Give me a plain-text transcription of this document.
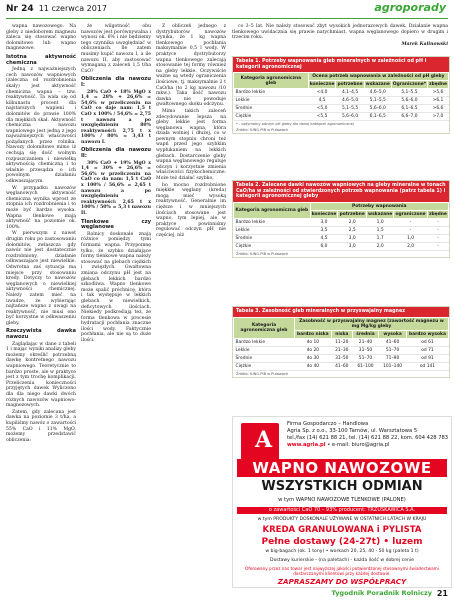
Nr 24 11 czerwca 2017	agroporady

wapna nawozowego. Na gleby z niedoborem magnezu zaleca się stosować wapno dolomitowe lub wapno magnezowe.

Istotna aktywność chemiczna

Jedną z najważniejszych cech nawozów wapniowych (zaleczna od rozdrobnienia skały) jest aktywność chemiczna wapna – tzw. reaktywność. Ta wała się od kilkunastu procent dla najstarszych wapieni i dolomitów do prawie 100% dla miękkich skał. Aktywność chemiczna nawozu wapniowego jest jedną z jego najważniejszych właściwości pożądanych przez rolnika. Nawozy dolomitowe mimo iż cechują się dość wolnym rozpuszczaniem i niewielką aktywnością chemiczną i to właśnie przesądza o ich powolnym działaniu odkwaszającym.

W przypadku nawozów węglanowych aktywność chemiczna wynika wprost ze stopnia ich rozdrobnienia i to może być bardzo wysoka. Wapna tlenkowe mają aktywność na poziomie ok. 100%.

W pierwszym z nawet drugim roku po zastosowaniu dolomitów, zwłaszcza gdy nawóz nie jest dostatecznie rozdrobniony, działanie odkwaszające jest niewielkie. Odwrotna zaś sytuacja ma miejsce przy stosowaniu kredy. Dotyczy to nawozów węglanowych o niewielkiej aktywności chemicznej. Należy zatem mieć na uwadze, że wybierając najtańsze wapno z uwagi na reaktywność, nie musi ono być korzystne w odkwaszeniu gleby.

Rzeczywista dawka nawozu

Zaglądając w dane z tabeli 1 i mając wyniki analizy gleby możemy określić potrzebną dawkę kontretnego nawozu wapniowego. Teoretycznie to bardzo proste, ale w praktyce jest z tym trochę komplikacji. Przeliczeniu konieczności przyjętych dawek Wyliczono dla dla niego dawki dwóch różnych nawozów wapniowo-magnezowych.

Zatem, gdy zalecana jest dawka na poziomie 3 t/ha, a kupiliśmy nawóz o zawartości 55% CaO i 11% MgO, możemy przedstawić obliczenia:

że wilgotność obu nawozów jest porównywalna i wynosi ok. 6% i nie będziemy tego czynnika uwzględniać w obliczeniach. Ile zatem musimy kupić nawozu I, a ile nawozu II, aby zastosować wymaganą z zaleceń 1,5 t/ha CaO?

Obliczenia dla nawozu I:

28% CaO + 18% MgO x 1,4 = 28% + 26,6% = 54,6% w przeliczeniu na CaO co daje nam: 1,5 t CaO x 100% / 54,6% = 2,75 t nawozu a po uwzględnieniu 80% reaktywności: 2,75 t x 100% / 80% = 3,43 t nawozu I.

Obliczenia dla nawozu II:

30% CaO + 19% MgO x 1,4 = 30% + 26,6% = 56,6% w przeliczeniu na CaO co da nam: 1,5 t CaO x 100% / 56,6% = 2,65 t nawozu a po uwzględnieniu reaktywności: 2,65 t x 100% / 50% = 5,3 t nawozu II.

Tlenkowe czy węglanowe

Rolnicy doskonale znają różnice pomiędzy tymi formami wapna. Przypomnę tylko, że szybko działające formy tlenkowe wapna należy stosować na glebach ciężkich i zwięzłych. Gwałtowna zmiana odczynu pH jest na glebach lekkich bardzo szkodliwa. Wapno tlenkowe może spalić próchnicę, która i tak występuje w lekkich glebach w niewielkich, deficytowych ilościach. Niekiedy podkreślają też, że forma tlenkowa w procesie hydratacji pochłania znaczne ilości wody. Faktycznie pochłania, ale nie są to duże ilości.

Z obliczeń jednego z dystrybutorów nawozów wynika, że 1 kg wapna tlenkowego pochłania maksymalnie 0,5 l wody. W praktyce dystrybutorzy wapna tlenkowego zalecają stosowanie tej formy również na gleby lekkie. Oczywiście ważne są wtedy ograniczenia ilościowe, tj. maksymalnie 2 t CaO/ha (to 2 kg nawozu /10 mkw.). Taka ilość nawozu dawka nie powoduje gwałtownego skoku odczynu.

Mimo takich zaleceń zdecydowanie lepsza na gleby lekkie jest forma węglanowa wapna, która działa wolniej i dłużej, co w pewnym stopniu chroni też wapń przed jego szybkim wypłukaniem na lekkich glebach. Dostarczenie gleby wapna węglanowego reguluje odczyn i korzystnie zmienia właściwości fizykochemiczne. Może też działać szybko,

bo mocno rozdrobnione miękkie węglany (kreda) mogą mieć wysoką reaktywność. Generalnie im cięższe i w mniejszych ilościach stosowane jest wapno, tym lepiej, ale w praktyce powinniśmy regulować odczyn pH nie częściej, niż

co 3–5 lat. Nie należy stosować zbyt wysokich jednorazowych dawek. Działanie wapna tlenkowego uwidacznia się prawie natychmiast, wapna węglanowego dopiero w drugim i trzecim roku.

Marek Kalinowski

Tabela 1. Potrzeby wapnowania gleb mineralnych w zależności od pH i kategorii agronomicznej
Kategoria agronomiczna gleb	Ocena potrzeb wapnowania w zależności od pH gleby				
	konieczne	potrzebne	wskazane	Ograniczone*	zbędne
Bardzo lekkie	<4,0	4,1–4,5	4,6–5,0	5,1–5,5	>5,6
Lekkie	4,5	4,6–5,0	5,1–5,5	5,6–6,0	>6,1
Średnie	<5,0	5,1–5,5	5,6–6,0	6,1–6,5	>6,6
Ciężkie	<5,5	5,6–6,0	6,1–6,5	6,6–7,0	>7,0
* - optymalny odczyn pH gleby dla danej kategorii agronomicznej
Źródło: IUNG-PIB w Puławach
Tabela 2. Zalecane dawki nawozów wapniowych na gleby mineralne w tonach CaO/ha w zależności od stwierdzonych potrzeb wapnowania (patrz tabela 1) i kategorii agronomicznej gleby
Kategoria agronomiczna gleb	Potrzeby wapnowania				
	konieczne	potrzebne	wskazane	ograniczone	zbędne
Bardzo lekkie	3,0	2,0	1,0	-	-
Lekkie	3,5	2,5	1,5	-	-
Średnie	4,5	3,0	1,7	1,0	-
Ciężkie	6,0	3,0	2,0	2,0	-
Źródło: IUNG-PIB w Puławach
Tabela 3. Zasobność gleb mineralnych w przyswajalny magnez
Kategoria agronomiczna gleb	Zasobność w przyswajalny magnez (zawartość magnezu w mg Mg/kg gleby				
	bardzo niska	niska	średnia	wysoka	bardzo wysoka
Bardzo lekkie	do 10	11–20	21–40	41–60	od 61
Lekkie	do 20	21–30	31–50	51–70	od 71
Średnie	do 30	31–50	51–70	71–90	od 91
Ciężkie	do 40	41–60	61–100	101–140	od 141
Źródło: IUNG-PIB w Puławach
A
Firma Gospodarczo – Handlowa
Agria Sp. z o.o., 33-100 Tarnów, ul. Warsztatowa 5
tel./fax (14) 621 88 21, tel. (14) 621 88 22, kom. 604 428 783
www.agria.pl • e-mail: biuro@agria.pl
WAPNO NAWOZOWE
WSZYSTKICH ODMIAN
w tym WAPNO NAWOZOWE TLENKOWE (PALONE)
o zawartości CaO 70 – 93% producent: TRZUSKAWICA S.A.
w tym PRODUKTY DOSKONALE UŻYWANE W OSTATNICH LATACH W KRAJU
KREDA GRANULOWANA i PYLISTA
Pełne dostawy (24-27t) • luzem
w big-bagach (ok. 1 tony) • workach 20, 25, 40 - 50 kg (paleta 1 t)
Dostawy kurierskie - (na paletach) - każda ilość w dobrej cenie
Oferowany przez nas towar jest najwyższej jakości potwierdzonej stosownymi świadectwami dostarczanymi klientowi przy każdej dostawie.
ZAPRASZAMY DO WSPÓŁPRACY
Tygodnik Poradnik Rolniczy 21
